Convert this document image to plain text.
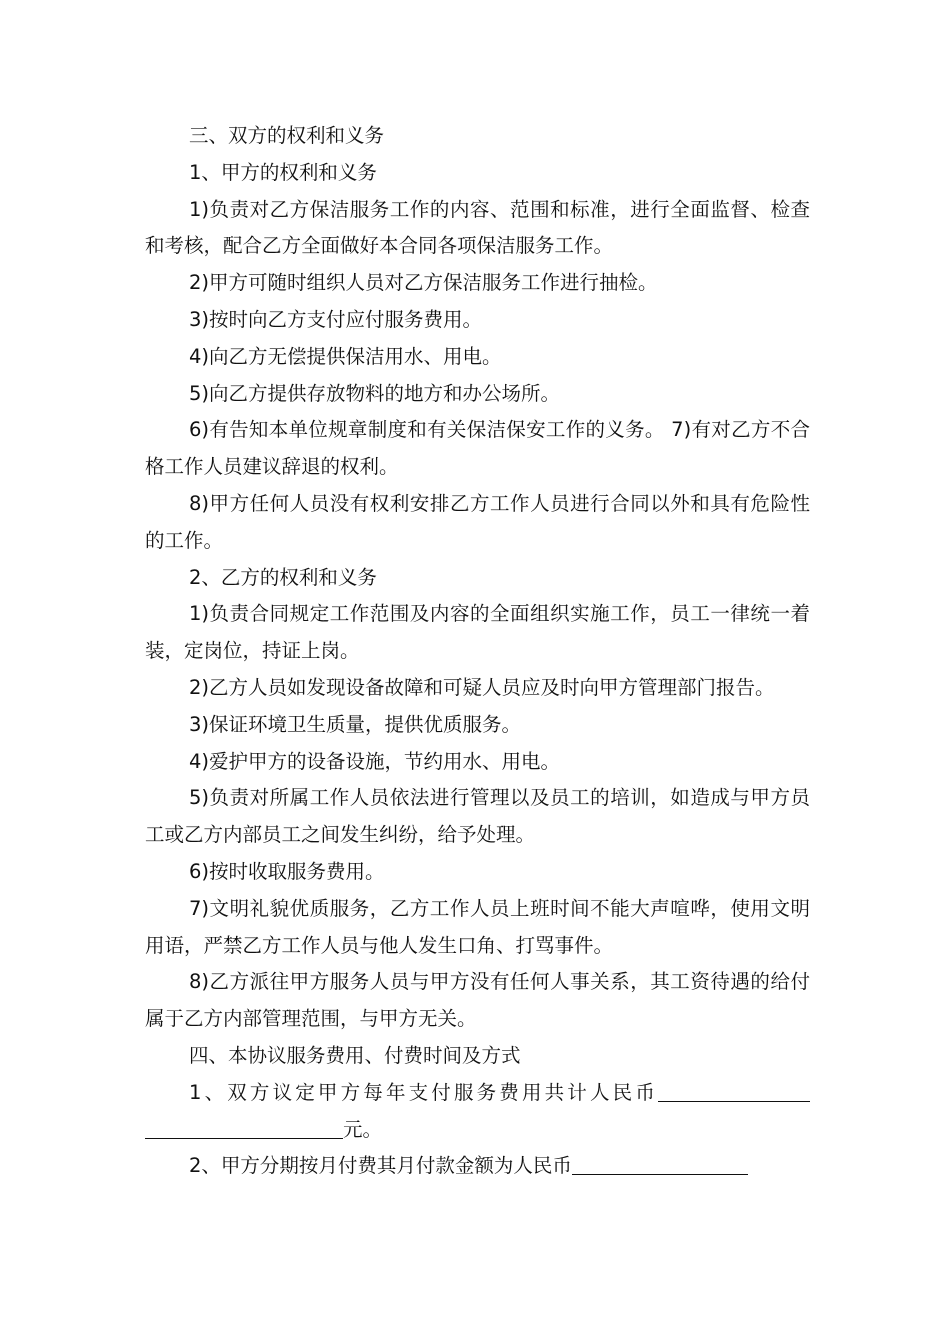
三、双方的权利和义务

1、甲方的权利和义务

1)负责对乙方保洁服务工作的内容、范围和标准，进行全面监督、检查和考核，配合乙方全面做好本合同各项保洁服务工作。

2)甲方可随时组织人员对乙方保洁服务工作进行抽检。

3)按时向乙方支付应付服务费用。

4)向乙方无偿提供保洁用水、用电。

5)向乙方提供存放物料的地方和办公场所。

6)有告知本单位规章制度和有关保洁保安工作的义务。 7)有对乙方不合格工作人员建议辞退的权利。

8)甲方任何人员没有权利安排乙方工作人员进行合同以外和具有危险性的工作。

2、乙方的权利和义务

1)负责合同规定工作范围及内容的全面组织实施工作，员工一律统一着装，定岗位，持证上岗。

2)乙方人员如发现设备故障和可疑人员应及时向甲方管理部门报告。

3)保证环境卫生质量，提供优质服务。

4)爱护甲方的设备设施，节约用水、用电。

5)负责对所属工作人员依法进行管理以及员工的培训，如造成与甲方员工或乙方内部员工之间发生纠纷，给予处理。

6)按时收取服务费用。

7)文明礼貌优质服务，乙方工作人员上班时间不能大声喧哗，使用文明用语，严禁乙方工作人员与他人发生口角、打骂事件。

8)乙方派往甲方服务人员与甲方没有任何人事关系，其工资待遇的给付属于乙方内部管理范围，与甲方无关。

四、本协议服务费用、付费时间及方式

1、双方议定甲方每年支付服务费用共计人民币元。

2、甲方分期按月付费其月付款金额为人民币
